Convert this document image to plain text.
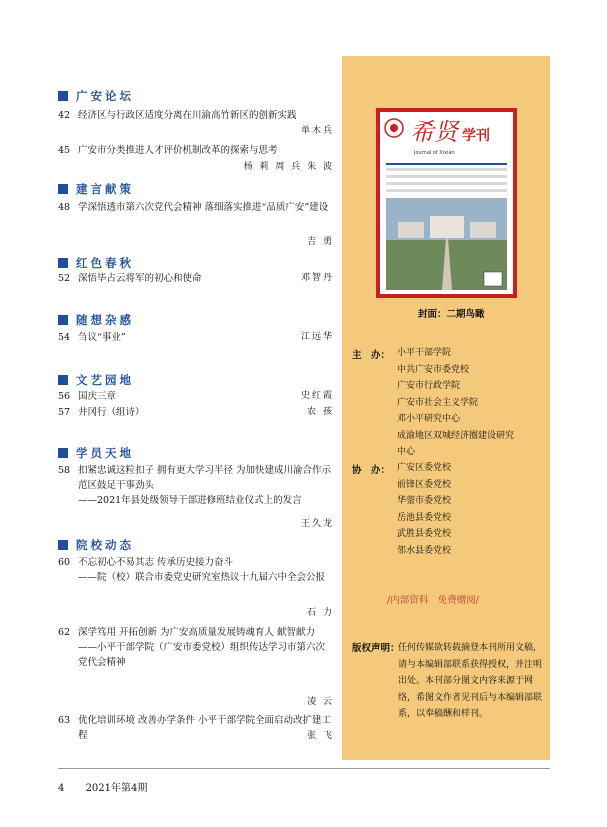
广安论坛
42 经济区与行政区适度分离在川渝高竹新区的创新实践
单木兵
45 广安市分类推进人才评价机制改革的探索与思考
杨 莉 周 兵 朱 波
建言献策
48 学深悟透市第六次党代会精神 落细落实推进“品质广安”建设
吉 勇
红色春秋
52 深悟毕占云将军的初心和使命	邓智丹
随想杂感
54 刍议“事业”	江远华
文艺园地
56 国庆三章	史红霞
57 井冈行（组诗）	农 孩
学员天地
58 扣紧忠诚这粒扣子 拥有更大学习半径 为加快建成川渝合作示范区鼓足干事劲头
——2021年县处级领导干部进修班结业仪式上的发言
王久龙
院校动态
60 不忘初心不易其志 传承历史接力奋斗
——院（校）联合市委党史研究室热议十九届六中全会公报
石 力
62 深学笃用 开拓创新 为广安高质量发展铸魂育人 献智献力
——小平干部学院（广安市委党校）组织传达学习市第六次党代会精神
凌 云
63 优化培训环境 改善办学条件 小平干部学院全面启动改扩建工程	张 飞
4 2021年第4期
希贤 学刊
Journal of Xixian
封面：二期鸟瞰
主　办： 小平干部学院
中共广安市委党校
广安市行政学院
广安市社会主义学院
邓小平研究中心
成渝地区双城经济圈建设研究
中心
协　办： 广安区委党校
前锋区委党校
华蓥市委党校
岳池县委党校
武胜县委党校
邻水县委党校
/内部资料　免费赠阅/
版权声明：
任何传媒欲转载摘登本刊所用文稿，请与本编辑部联系获得授权，并注明出处。本刊部分图文内容来源于网络，希图文作者见刊后与本编辑部联系，以奉稿酬和样刊。
